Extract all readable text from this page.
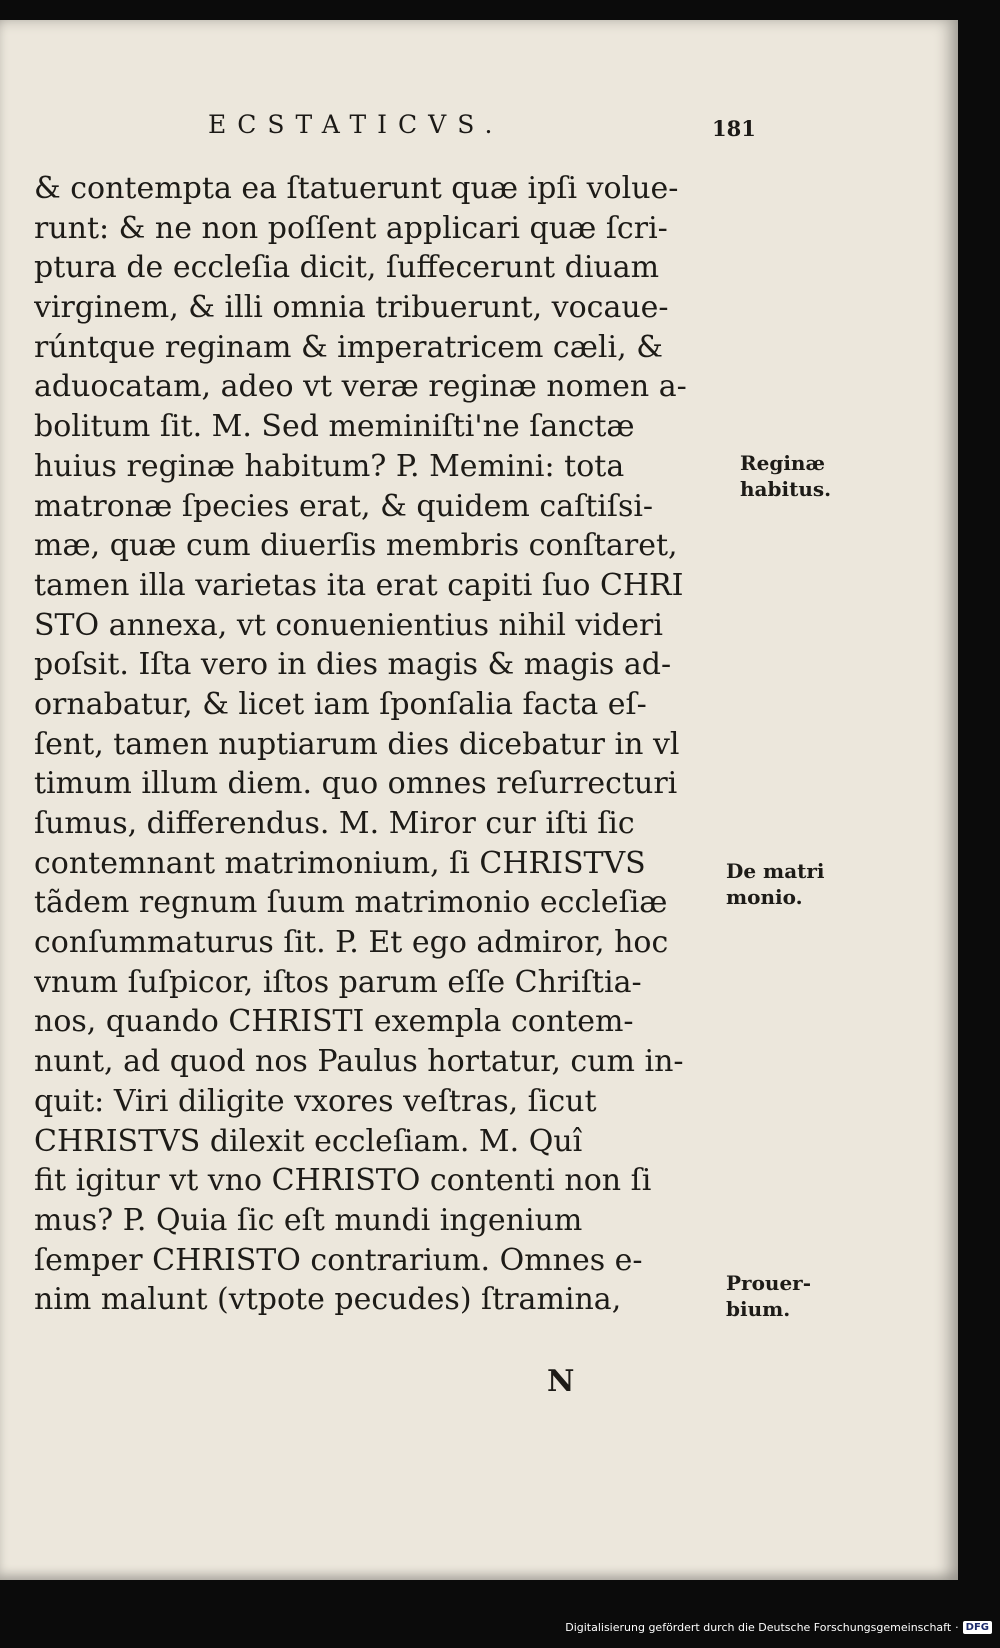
ECSTATICVS.	181
& contempta ea ſtatuerunt quæ ipſi volue-
runt: & ne non poſſent applicari quæ ſcri-
ptura de eccleſia dicit, ſuffecerunt diuam
virginem, & illi omnia tribuerunt, vocaue-
rúntque reginam & imperatricem cæli, &
aduocatam, adeo vt veræ reginæ nomen a-
bolitum ſit. M. Sed meminiſti'ne ſanctæ
huius reginæ habitum? P. Memini: tota
matronæ ſpecies erat, & quidem caſtiſsi-
mæ, quæ cum diuerſis membris conſtaret,
tamen illa varietas ita erat capiti ſuo CHRI
STO annexa, vt conuenientius nihil videri
poſsit. Iſta vero in dies magis & magis ad-
ornabatur, & licet iam ſponſalia facta eſ-
ſent, tamen nuptiarum dies dicebatur in vl
timum illum diem. quo omnes reſurrecturi
ſumus, differendus. M. Miror cur iſti ſic
contemnant matrimonium, ſi CHRISTVS
tãdem regnum ſuum matrimonio eccleſiæ
conſummaturus ſit. P. Et ego admiror, hoc
vnum ſuſpicor, iſtos parum eſſe Chriſtia-
nos, quando CHRISTI exempla contem-
nunt, ad quod nos Paulus hortatur, cum in-
quit: Viri diligite vxores veſtras, ſicut
CHRISTVS dilexit eccleſiam. M. Quî
fit igitur vt vno CHRISTO contenti non ſi
mus? P. Quia ſic eſt mundi ingenium
ſemper CHRISTO contrarium. Omnes e-
nim malunt (vtpote pecudes) ſtramina,
Reginæ
habitus.
De matri
monio.
Prouer-
bium.
N
Digitalisierung gefördert durch die Deutsche Forschungsgemeinschaft · DFG
